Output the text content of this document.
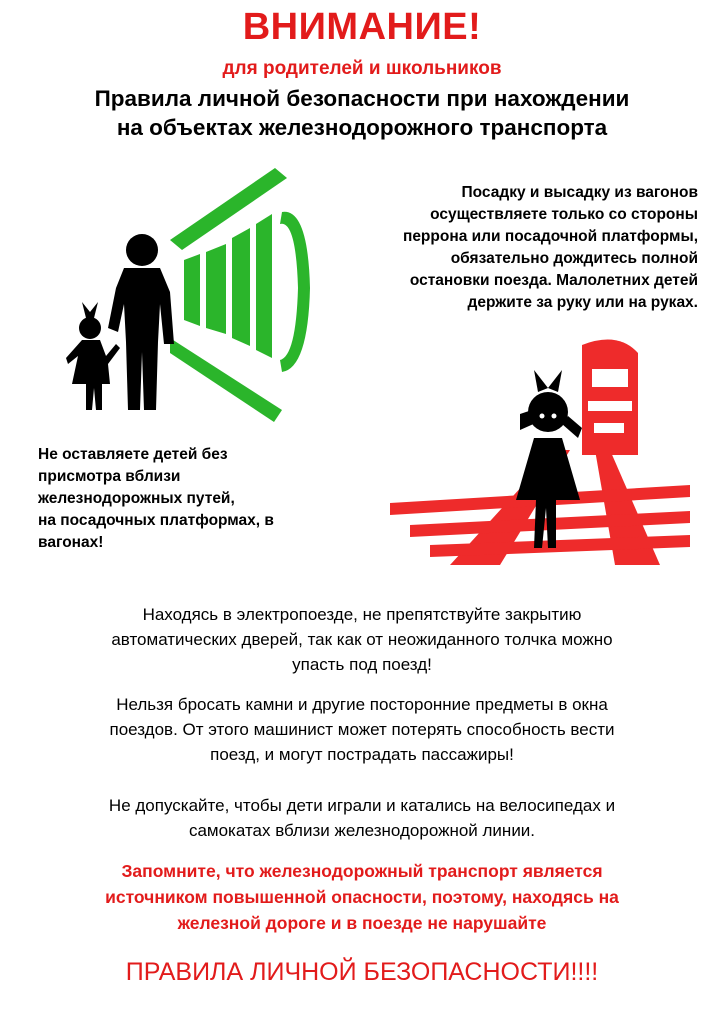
ВНИМАНИЕ!
для родителей и школьников
Правила личной безопасности при нахождении
на объектах железнодорожного транспорта
Посадку и высадку из вагонов
осуществляете только со стороны
перрона или посадочной платформы,
обязательно дождитесь полной
остановки поезда. Малолетних детей
держите за руку или на руках.
Не оставляете детей без
присмотра вблизи
железнодорожных путей,
на посадочных платформах, в
вагонах!
Находясь в электропоезде, не препятствуйте закрытию
автоматических дверей, так как от неожиданного толчка можно
упасть под поезд!
Нельзя бросать камни и другие посторонние предметы в окна
поездов. От этого машинист может потерять способность вести
поезд, и могут пострадать пассажиры!
Не допускайте, чтобы дети играли и катались на велосипедах и
самокатах вблизи железнодорожной линии.
Запомните, что железнодорожный транспорт является
источником повышенной опасности, поэтому, находясь на
железной дороге и в поезде не нарушайте
ПРАВИЛА ЛИЧНОЙ БЕЗОПАСНОСТИ!!!!
